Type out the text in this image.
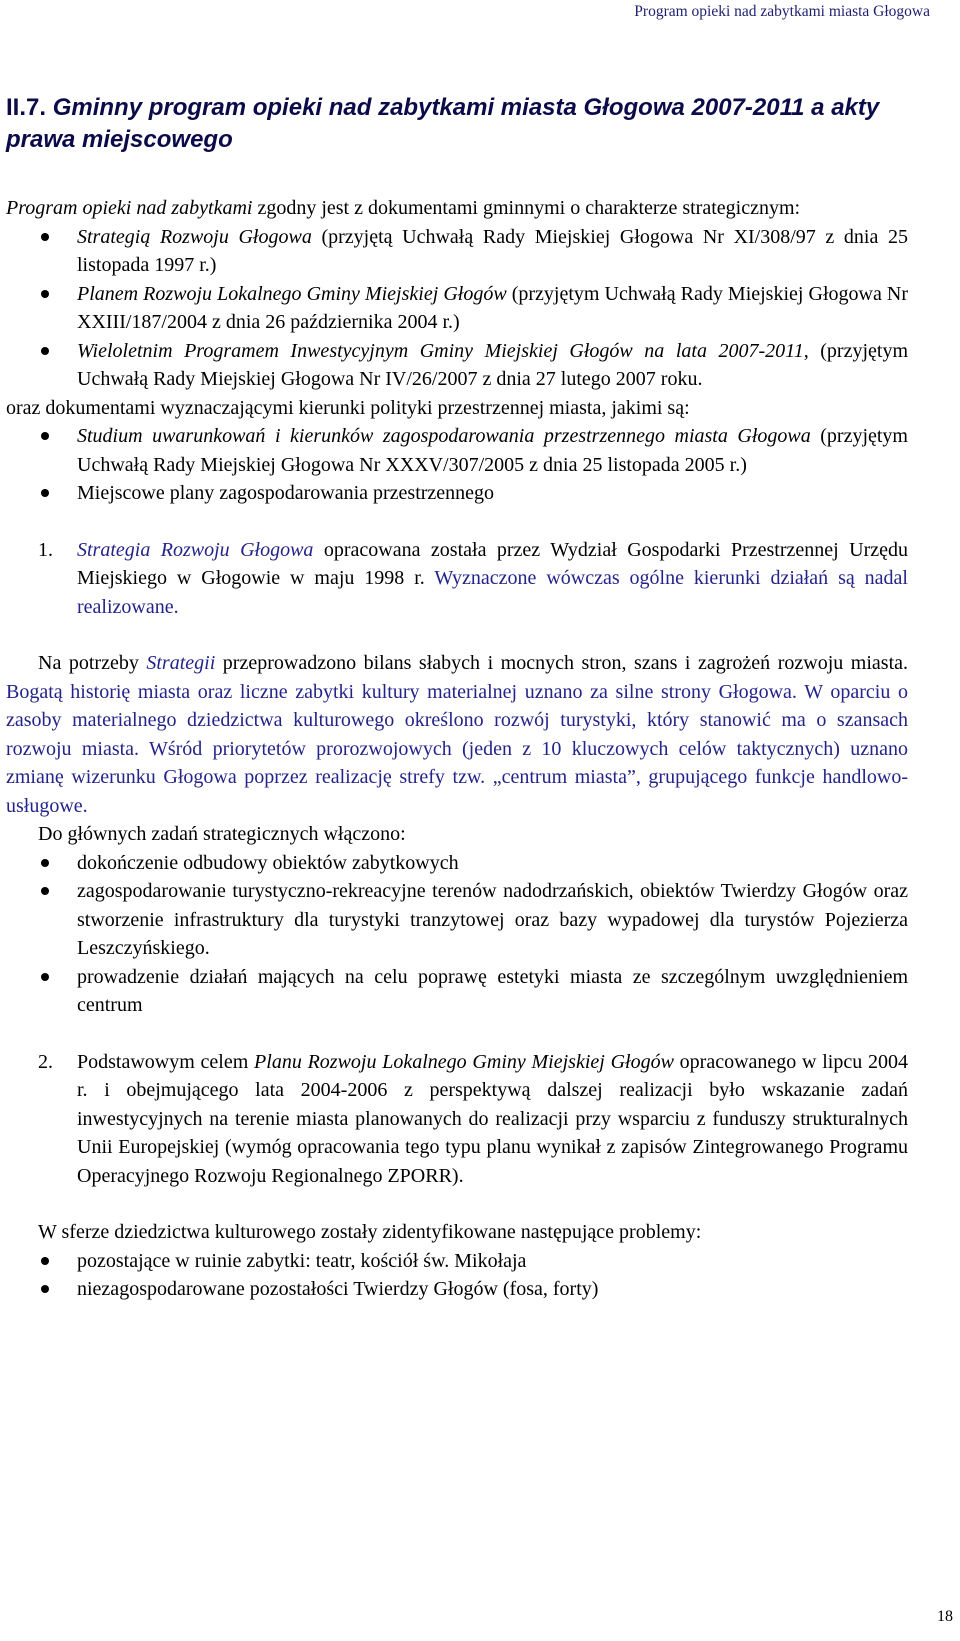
Program opieki nad zabytkami miasta Głogowa
II.7. Gminny program opieki nad zabytkami miasta Głogowa 2007-2011 a akty prawa miejscowego

Program opieki nad zabytkami zgodny jest z dokumentami gminnymi o charakterze strategicznym:

Strategią Rozwoju Głogowa (przyjętą Uchwałą Rady Miejskiej Głogowa Nr XI/308/97 z dnia 25 listopada 1997 r.)
Planem Rozwoju Lokalnego Gminy Miejskiej Głogów (przyjętym Uchwałą Rady Miejskiej Głogowa Nr XXIII/187/2004 z dnia 26 października 2004 r.)
Wieloletnim Programem Inwestycyjnym Gminy Miejskiej Głogów na lata 2007-2011, (przyjętym Uchwałą Rady Miejskiej Głogowa Nr IV/26/2007 z dnia 27 lutego 2007 roku.

oraz dokumentami wyznaczającymi kierunki polityki przestrzennej miasta, jakimi są:

Studium uwarunkowań i kierunków zagospodarowania przestrzennego miasta Głogowa (przyjętym Uchwałą Rady Miejskiej Głogowa Nr XXXV/307/2005 z dnia 25 listopada 2005 r.)
Miejscowe plany zagospodarowania przestrzennego
1. Strategia Rozwoju Głogowa opracowana została przez Wydział Gospodarki Przestrzennej Urzędu Miejskiego w Głogowie w maju 1998 r. Wyznaczone wówczas ogólne kierunki działań są nadal realizowane.

Na potrzeby Strategii przeprowadzono bilans słabych i mocnych stron, szans i zagrożeń rozwoju miasta. Bogatą historię miasta oraz liczne zabytki kultury materialnej uznano za silne strony Głogowa. W oparciu o zasoby materialnego dziedzictwa kulturowego określono rozwój turystyki, który stanowić ma o szansach rozwoju miasta. Wśród priorytetów prorozwojowych (jeden z 10 kluczowych celów taktycznych) uznano zmianę wizerunku Głogowa poprzez realizację strefy tzw. „centrum miasta”, grupującego funkcje handlowo-usługowe.

Do głównych zadań strategicznych włączono:

dokończenie odbudowy obiektów zabytkowych
zagospodarowanie turystyczno-rekreacyjne terenów nadodrzańskich, obiektów Twierdzy Głogów oraz stworzenie infrastruktury dla turystyki tranzytowej oraz bazy wypadowej dla turystów Pojezierza Leszczyńskiego.
prowadzenie działań mających na celu poprawę estetyki miasta ze szczególnym uwzględnieniem centrum
2. Podstawowym celem Planu Rozwoju Lokalnego Gminy Miejskiej Głogów opracowanego w lipcu 2004 r. i obejmującego lata 2004-2006 z perspektywą dalszej realizacji było wskazanie zadań inwestycyjnych na terenie miasta planowanych do realizacji przy wsparciu z funduszy strukturalnych Unii Europejskiej (wymóg opracowania tego typu planu wynikał z zapisów Zintegrowanego Programu Operacyjnego Rozwoju Regionalnego ZPORR).

W sferze dziedzictwa kulturowego zostały zidentyfikowane następujące problemy:

pozostające w ruinie zabytki: teatr, kościół św. Mikołaja
niezagospodarowane pozostałości Twierdzy Głogów (fosa, forty)
18
